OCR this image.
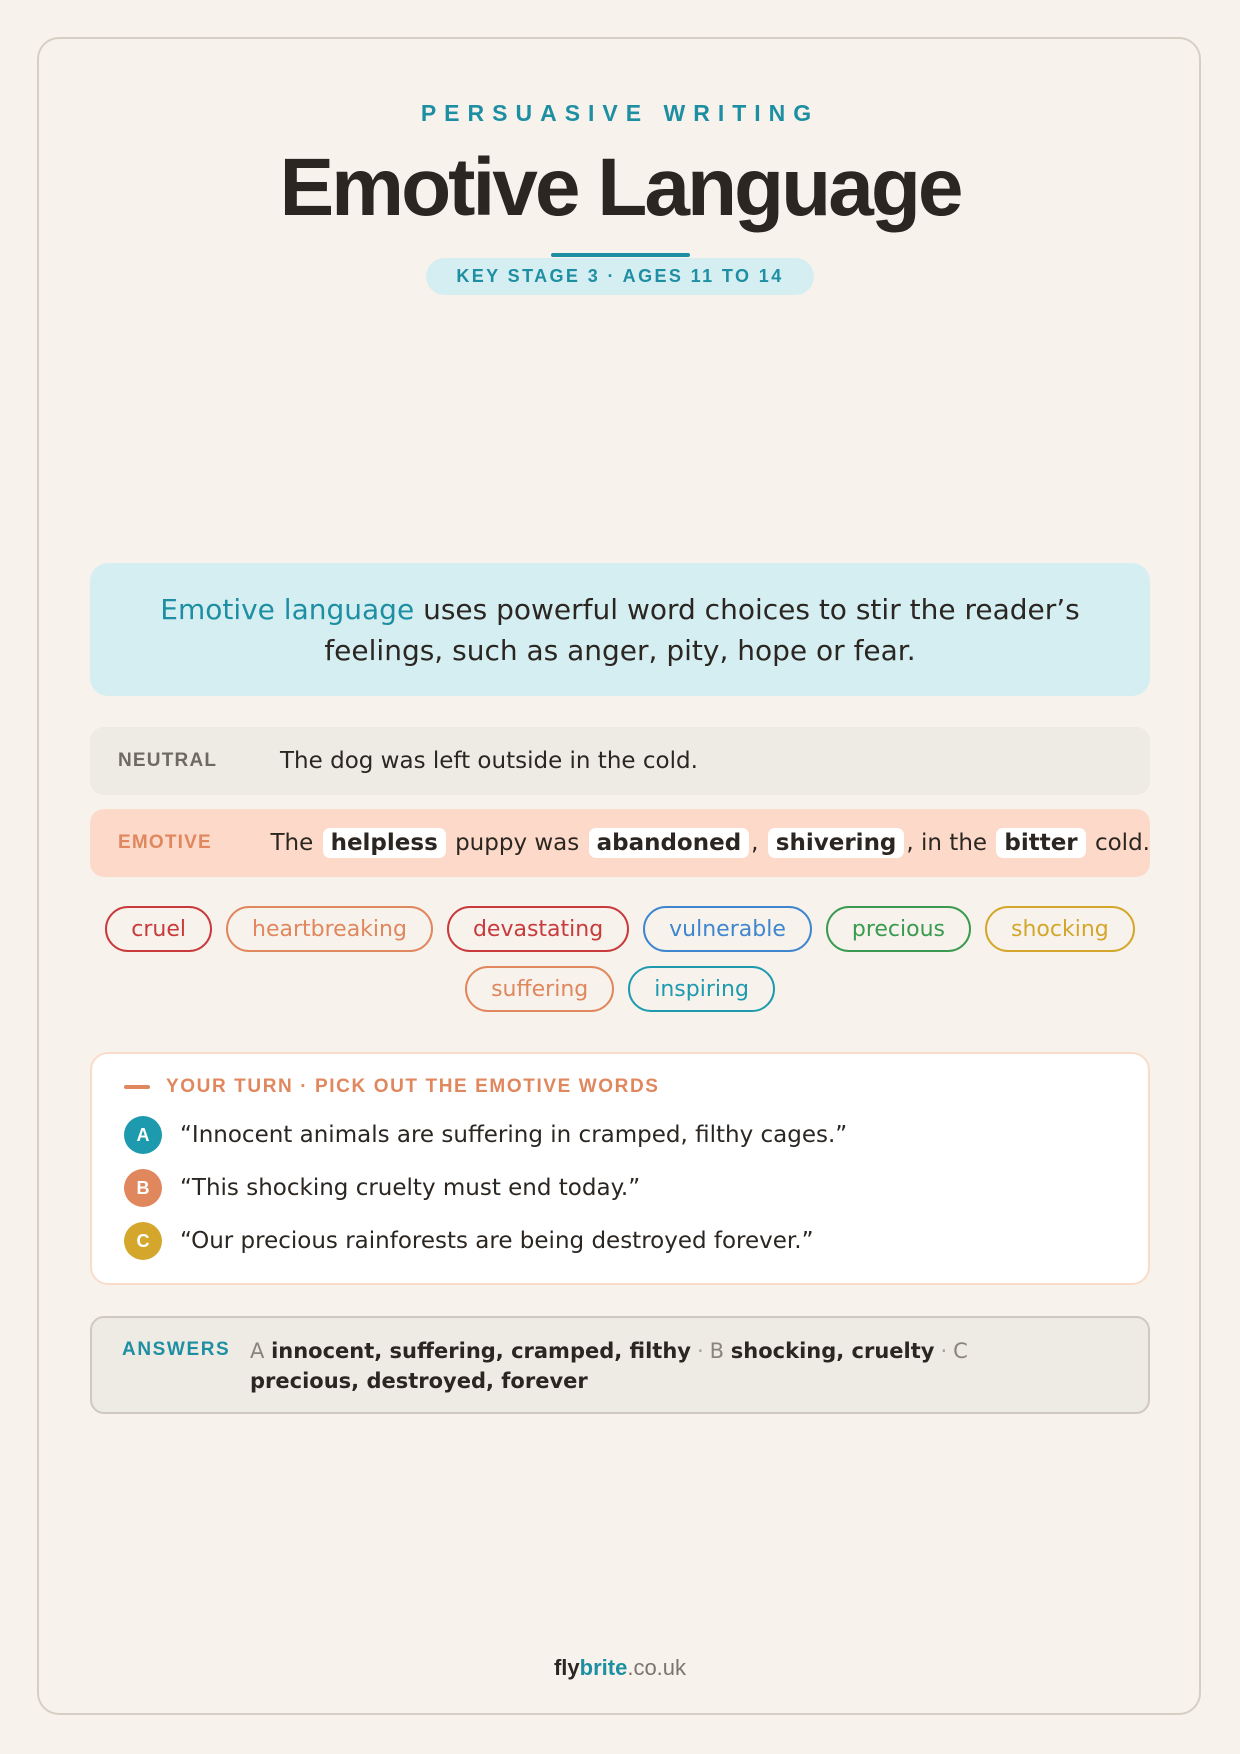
PERSUASIVE WRITING
Emotive Language
KEY STAGE 3 · AGES 11 TO 14
Emotive language uses powerful word choices to stir the reader’s feelings, such as anger, pity, hope or fear.
NEUTRAL	The dog was left outside in the cold.
EMOTIVE	The helpless puppy was abandoned , shivering , in the bitter cold.
cruel	heartbreaking	devastating	vulnerable	precious	shocking
suffering	inspiring
YOUR TURN · PICK OUT THE EMOTIVE WORDS
A	“Innocent animals are suffering in cramped, filthy cages.”
B	“This shocking cruelty must end today.”
C	“Our precious rainforests are being destroyed forever.”
ANSWERS A innocent, suffering, cramped, filthy · B shocking, cruelty · C precious, destroyed, forever
flybrite.co.uk
